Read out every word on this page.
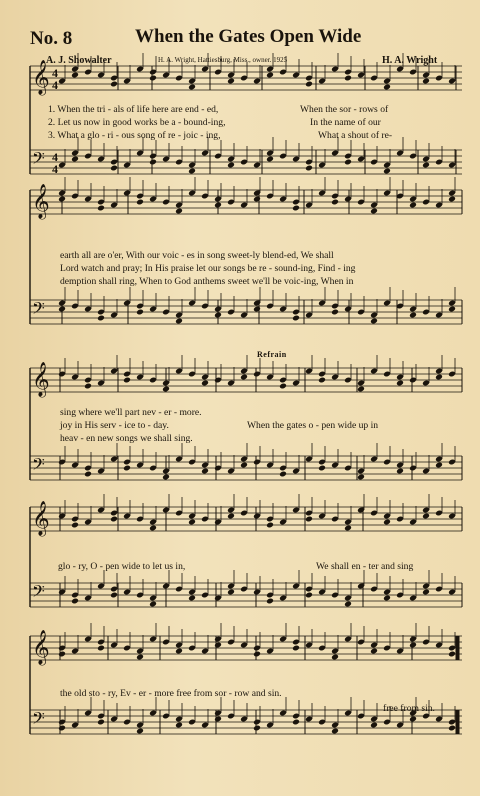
𝄞
𝄢
𝄞
𝄢
𝄞
𝄢
𝄞
𝄢
𝄞
𝄢
4
4
4
4
No. 8	When the Gates Open Wide
A. J. Showalter	H. A. Wright, Hattiesburg, Miss., owner. 1925	H. A. Wright
1. When the tri - als of life here are end - ed,	When the sor - rows of
2. Let us now in good works be a - bound-ing,	In the name of our
3. What a glo - ri - ous song of re - joic - ing,	What a shout of re-
earth all are o'er, With our voic - es in song sweet-ly blend-ed, We shall
Lord watch and pray; In His praise let our songs be re - sound-ing, Find - ing
demption shall ring, When to God anthems sweet we'll be voic-ing, When in
Refrain
sing where we'll part nev - er - more.
joy in His serv - ice to - day.	When the gates o - pen wide up in
heav - en new songs we shall sing.
glo - ry, O - pen wide to let us in,	We shall en - ter and sing
the old sto - ry, Ev - er - more free from sor - row and sin.
free from sin.
